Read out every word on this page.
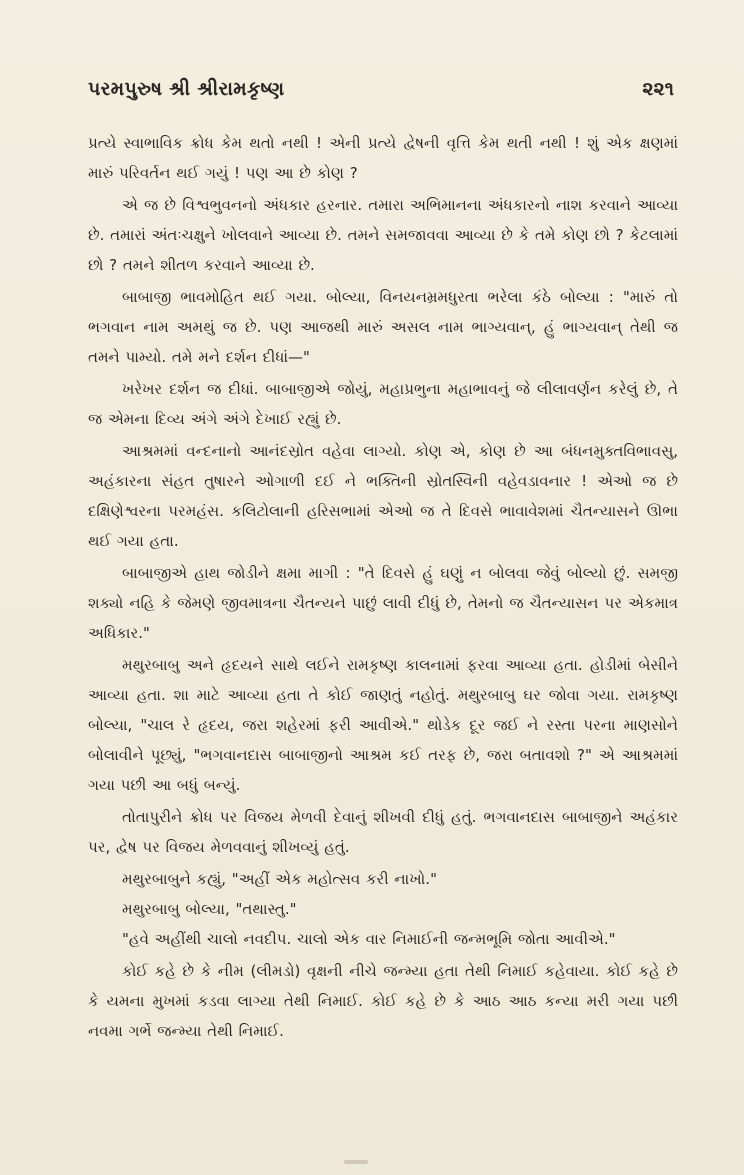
પરમપુરુષ શ્રી શ્રીરામકૃષ્ણ	૨૨૧

પ્રત્યે સ્વાભાવિક ક્રોધ કેમ થતો નથી ! એની પ્રત્યે દ્વેષની વૃત્તિ કેમ થતી નથી ! શું એક ક્ષણમાં મારું પરિવર્તન થઈ ગયું ! પણ આ છે કોણ ?

એ જ છે વિશ્વભુવનનો અંધકાર હરનાર. તમારા અભિમાનના અંધકારનો નાશ કરવાને આવ્યા છે. તમારાં અંતઃચક્ષુને ખોલવાને આવ્યા છે. તમને સમજાવવા આવ્યા છે કે તમે કોણ છો ? કેટલામાં છો ? તમને શીતળ કરવાને આવ્યા છે.

બાબાજી ભાવમોહિત થઈ ગયા. બોલ્યા, વિનયનમ્રમધુરતા ભરેલા કંઠે બોલ્યા : "મારું તો ભગવાન નામ અમથું જ છે. પણ આજથી મારું અસલ નામ ભાગ્યવાન્, હું ભાગ્યવાન્ તેથી જ તમને પામ્યો. તમે મને દર્શન દીધાં—"

ખરેખર દર્શન જ દીધાં. બાબાજીએ જોયું, મહાપ્રભુના મહાભાવનું જે લીલાવર્ણન કરેલું છે, તે જ એમના દિવ્ય અંગે અંગે દેખાઈ રહ્યું છે.

આશ્રમમાં વન્દનાનો આનંદસ્રોત વહેવા લાગ્યો. કોણ એ, કોણ છે આ બંધનમુક્તવિભાવસુ, અહંકારના સંહત તુષારને ઓગાળી દઈ ને ભક્તિની સ્રોતસ્વિની વહેવડાવનાર ! એઓ જ છે દક્ષિણેશ્વરના પરમહંસ. કલિટોલાની હરિસભામાં એઓ જ તે દિવસે ભાવાવેશમાં ચૈતન્યાસને ઊભા થઈ ગયા હતા.

બાબાજીએ હાથ જોડીને ક્ષમા માગી : "તે દિવસે હું ઘણું ન બોલવા જેવું બોલ્યો છું. સમજી શક્યો નહિ કે જેમણે જીવમાત્રના ચૈતન્યને પાછું લાવી દીધું છે, તેમનો જ ચૈતન્યાસન પર એકમાત્ર અધિકાર."

મથુરબાબુ અને હૃદયને સાથે લઈને રામકૃષ્ણ કાલનામાં ફરવા આવ્યા હતા. હોડીમાં બેસીને આવ્યા હતા. શા માટે આવ્યા હતા તે કોઈ જાણતું નહોતું. મથુરબાબુ ઘર જોવા ગયા. રામકૃષ્ણ બોલ્યા, "ચાલ રે હૃદય, જરા શહેરમાં ફરી આવીએ." થોડેક દૂર જઈ ને રસ્તા પરના માણસોને બોલાવીને પૂછ્યું, "ભગવાનદાસ બાબાજીનો આશ્રમ કઈ તરફ છે, જરા બતાવશો ?" એ આશ્રમમાં ગયા પછી આ બધું બન્યું.

તોતાપુરીને ક્રોધ પર વિજય મેળવી દેવાનું શીખવી દીધું હતું. ભગવાનદાસ બાબાજીને અહંકાર પર, દ્વેષ પર વિજય મેળવવાનું શીખવ્યું હતું.

મથુરબાબુને કહ્યું, "અહીં એક મહોત્સવ કરી નાખો."

મથુરબાબુ બોલ્યા, "તથાસ્તુ."

"હવે અહીંથી ચાલો નવદીપ. ચાલો એક વાર નિમાઈની જન્મભૂમિ જોતા આવીએ."

કોઈ કહે છે કે નીમ (લીમડો) વૃક્ષની નીચે જન્મ્યા હતા તેથી નિમાઈ કહેવાયા. કોઈ કહે છે કે યમના મુખમાં કડવા લાગ્યા તેથી નિમાઈ. કોઈ કહે છે કે આઠ આઠ કન્યા મરી ગયા પછી નવમા ગર્ભે જન્મ્યા તેથી નિમાઈ.
